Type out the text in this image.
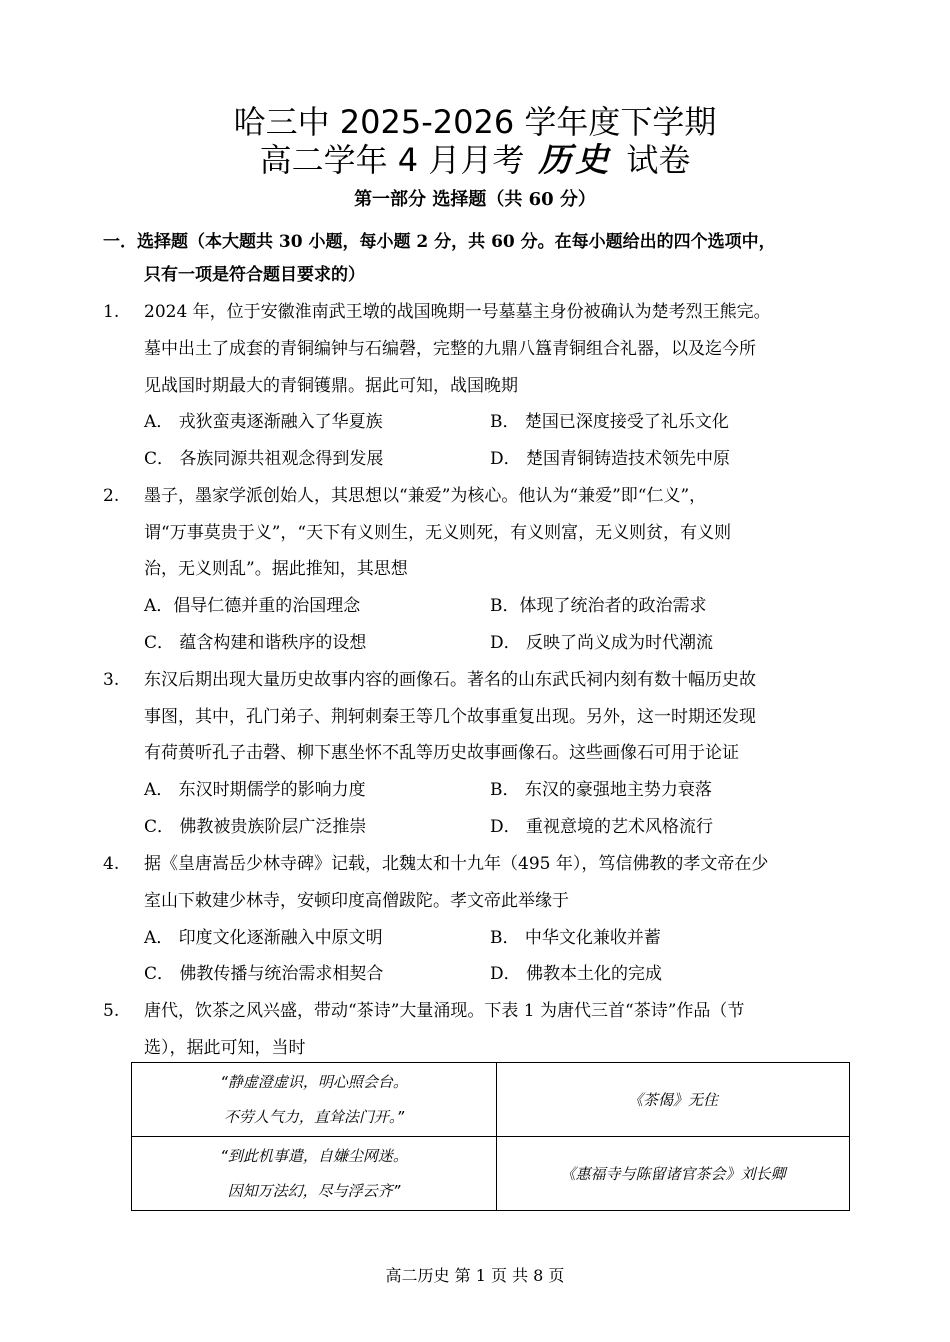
哈三中 2025-2026 学年度下学期
高二学年 4 月月考 历史 试卷
第一部分 选择题（共 60 分）
一．选择题（本大题共 30 小题，每小题 2 分，共 60 分。在每小题给出的四个选项中，
只有一项是符合题目要求的）
1. 2024 年，位于安徽淮南武王墩的战国晚期一号墓墓主身份被确认为楚考烈王熊完。
墓中出土了成套的青铜编钟与石编磬，完整的九鼎八簋青铜组合礼器，以及迄今所
见战国时期最大的青铜镬鼎。据此可知，战国晚期
A． 戎狄蛮夷逐渐融入了华夏族	B． 楚国已深度接受了礼乐文化
C． 各族同源共祖观念得到发展	D． 楚国青铜铸造技术领先中原
2. 墨子，墨家学派创始人，其思想以“兼爱”为核心。他认为“兼爱”即“仁义”，
谓“万事莫贵于义”，“天下有义则生，无义则死，有义则富，无义则贫，有义则
治，无义则乱”。据此推知，其思想
A．倡导仁德并重的治国理念	B．体现了统治者的政治需求
C． 蕴含构建和谐秩序的设想	D． 反映了尚义成为时代潮流
3. 东汉后期出现大量历史故事内容的画像石。著名的山东武氏祠内刻有数十幅历史故
事图，其中，孔门弟子、荆轲刺秦王等几个故事重复出现。另外，这一时期还发现
有荷蒉听孔子击磬、柳下惠坐怀不乱等历史故事画像石。这些画像石可用于论证
A． 东汉时期儒学的影响力度	B． 东汉的豪强地主势力衰落
C． 佛教被贵族阶层广泛推崇	D． 重视意境的艺术风格流行
4. 据《皇唐嵩岳少林寺碑》记载，北魏太和十九年（495 年），笃信佛教的孝文帝在少
室山下敕建少林寺，安顿印度高僧跋陀。孝文帝此举缘于
A． 印度文化逐渐融入中原文明	B． 中华文化兼收并蓄
C． 佛教传播与统治需求相契合	D． 佛教本土化的完成
5. 唐代，饮茶之风兴盛，带动“茶诗”大量涌现。下表 1 为唐代三首“茶诗”作品（节
选），据此可知，当时
“静虚澄虚识，明心照会台。
不劳人气力，直耸法门开。”	《茶偈》无住

“到此机事遣，自嫌尘网迷。
因知万法幻，尽与浮云齐”	《惠福寺与陈留诸官茶会》刘长卿
高二历史 第 1 页 共 8 页
